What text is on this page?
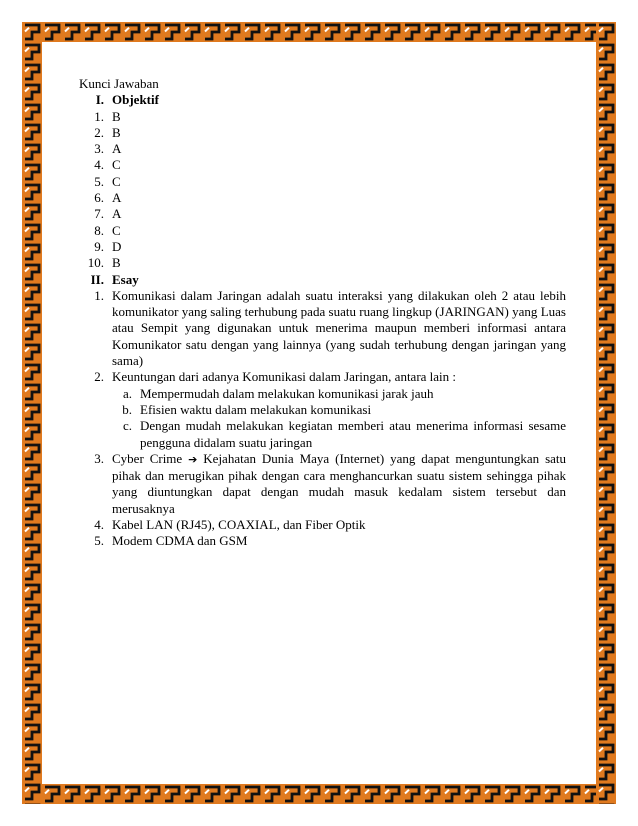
Kunci Jawaban

I. Objektif
1. B
2. B
3. A
4. C
5. C
6. A
7. A
8. C
9. D
10. B
II. Esay
1. Komunikasi dalam Jaringan adalah suatu interaksi yang dilakukan oleh 2 atau lebih komunikator yang saling terhubung pada suatu ruang lingkup (JARINGAN) yang Luas atau Sempit yang digunakan untuk menerima maupun memberi informasi antara Komunikator satu dengan yang lainnya (yang sudah terhubung dengan jaringan yang sama)
2. Keuntungan dari adanya Komunikasi dalam Jaringan, antara lain :
a. Mempermudah dalam melakukan komunikasi jarak jauh
b. Efisien waktu dalam melakukan komunikasi
c. Dengan mudah melakukan kegiatan memberi atau menerima informasi sesame pengguna didalam suatu jaringan
3. Cyber Crime ➔ Kejahatan Dunia Maya (Internet) yang dapat menguntungkan satu pihak dan merugikan pihak dengan cara menghancurkan suatu sistem sehingga pihak yang diuntungkan dapat dengan mudah masuk kedalam sistem tersebut dan merusaknya
4. Kabel LAN (RJ45), COAXIAL, dan Fiber Optik
5. Modem CDMA dan GSM
